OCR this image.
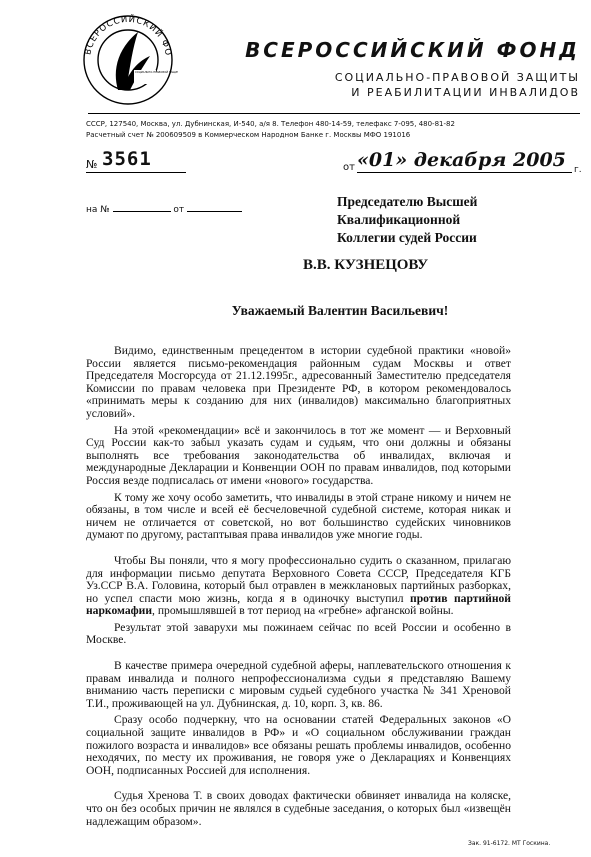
ВСЕРОССИЙСКИЙ ФО
СОЦИАЛЬНО-ПРАВОВОЙ ЗАЩИ
ВСЕРОССИЙСКИЙ ФОНД
СОЦИАЛЬНО-ПРАВОВОЙ ЗАЩИТЫ
И РЕАБИЛИТАЦИИ ИНВАЛИДОВ
СССР, 127540, Москва, ул. Дубнинская, И-540, а/я 8. Телефон 480-14-59, телефакс 7-095, 480-81-82
Расчетный счет № 200609509 в Коммерческом Народном Банке г. Москвы МФО 191016
№ 3561	от «01» декабря 2005 г.
на №	от
Председателю Высшей
Квалификационной
Коллегии судей России
В.В. КУЗНЕЦОВУ
Уважаемый Валентин Васильевич!

Видимо, единственным прецедентом в истории судебной практики «новой» России является письмо-рекомендация районным судам Москвы и ответ Председателя Мосгорсуда от 21.12.1995г., адресованный Заместителю председателя Комиссии по правам человека при Президенте РФ, в котором рекомендовалось «принимать меры к созданию для них (инвалидов) максимально благоприятных условий».

На этой «рекомендации» всё и закончилось в тот же момент — и Верховный Суд России как-то забыл указать судам и судьям, что они должны и обязаны выполнять все требования законодательства об инвалидах, включая и международные Декларации и Конвенции ООН по правам инвалидов, под которыми Россия везде подписалась от имени «нового» государства.

К тому же хочу особо заметить, что инвалиды в этой стране никому и ничем не обязаны, в том числе и всей её бесчеловечной судебной системе, которая никак и ничем не отличается от советской, но вот большинство судейских чиновников думают по другому, растаптывая права инвалидов уже многие годы.

Чтобы Вы поняли, что я могу профессионально судить о сказанном, прилагаю для информации письмо депутата Верховного Совета СССР, Председателя КГБ Уз.ССР В.А. Головина, который был отравлен в межклановых партийных разборках, но успел спасти мою жизнь, когда я в одиночку выступил против партийной наркомафии, промышлявшей в тот период на «гребне» афганской войны.

Результат этой заварухи мы пожинаем сейчас по всей России и особенно в Москве.

В качестве примера очередной судебной аферы, наплевательского отношения к правам инвалида и полного непрофессионализма судьи я представляю Вашему вниманию часть переписки с мировым судьей судебного участка № 341 Хреновой Т.И., проживающей на ул. Дубнинская, д. 10, корп. 3, кв. 86.

Сразу особо подчеркну, что на основании статей Федеральных законов «О социальной защите инвалидов в РФ» и «О социальном обслуживании граждан пожилого возраста и инвалидов» все обязаны решать проблемы инвалидов, особенно неходячих, по месту их проживания, не говоря уже о Декларациях и Конвенциях ООН, подписанных Россией для исполнения.

Судья Хренова Т. в своих доводах фактически обвиняет инвалида на коляске, что он без особых причин не являлся в судебные заседания, о которых был «извещён надлежащим образом».

Зак. 91-6172. МТ Госкина.
